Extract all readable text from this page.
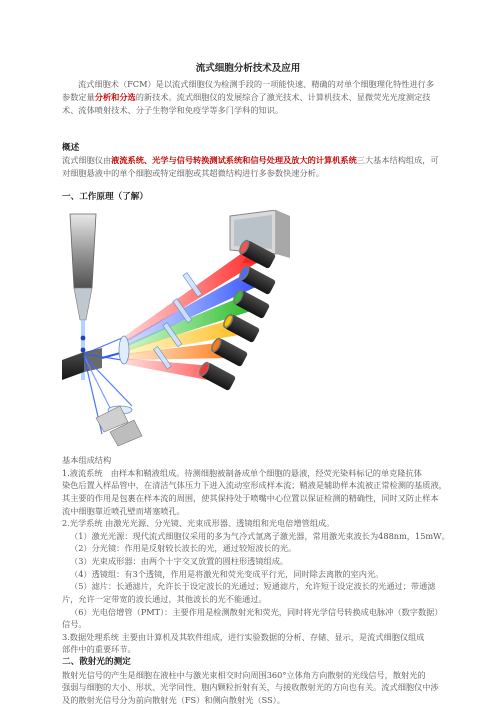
流式细胞分析技术及应用
流式细胞术（FCM）是以流式细胞仪为检测手段的一项能快速、精确的对单个细胞理化特性进行多参数定量分析和分选的新技术。流式细胞仪的发展综合了激光技术、计算机技术、显微荧光光度测定技术、流体喷射技术、分子生物学和免疫学等多门学科的知识。
概述
流式细胞仪由液流系统、光学与信号转换测试系统和信号处理及放大的计算机系统三大基本结构组成，可对细胞悬液中的单个细胞或特定细胞或其超微结构进行多参数快速分析。
一、工作原理（了解）
基本组成结构
1.液流系统　由样本和鞘液组成。待测细胞被制备成单个细胞的悬液，经荧光染料标记的单克隆抗体
染色后置入样品管中，在清洁气体压力下进入流动室形成样本流；鞘液是辅助样本流被正常检测的基质液，
其主要的作用是包裹在样本流的周围，使其保持处于喷嘴中心位置以保证检测的精确性，同时又防止样本
流中细胞靠近喷孔壁而堵塞喷孔。
2.光学系统 由激光光源、分光镜、光束成形器、透镜组和光电倍增管组成。
（1）激光光源：现代流式细胞仪采用的多为气冷式氩离子激光器，常用激光束波长为488nm，15mW。
（2）分光镜：作用是反射较长波长的光，通过较短波长的光。
（3）光束成形器：由两个十字交叉放置的圆柱形透镜组成。
（4）透镜组：有3个透镜，作用是将激光和荧光变成平行光，同时除去离散的室内光。
（5）滤片：长通滤片，允许长于设定波长的光通过；短通滤片，允许短于设定波长的光通过；带通滤
片，允许一定带宽的波长通过，其他波长的光不能通过。
（6）光电倍增管（PMT）：主要作用是检测散射光和荧光，同时将光学信号转换成电脉冲（数字数据）
信号。
3.数据处理系统 主要由计算机及其软件组成，进行实验数据的分析、存储、显示，是流式细胞仪组成
部件中的重要环节。
二、散射光的测定
散射光信号的产生是细胞在液柱中与激光束相交时向周围360°立体角方向散射的光线信号，散射光的
强弱与细胞的大小、形状、光学同性、胞内颗粒折射有关，与接收散射光的方向也有关。流式细胞仪中涉
及的散射光信号分为前向散射光（FS）和侧向散射光（SS）。
